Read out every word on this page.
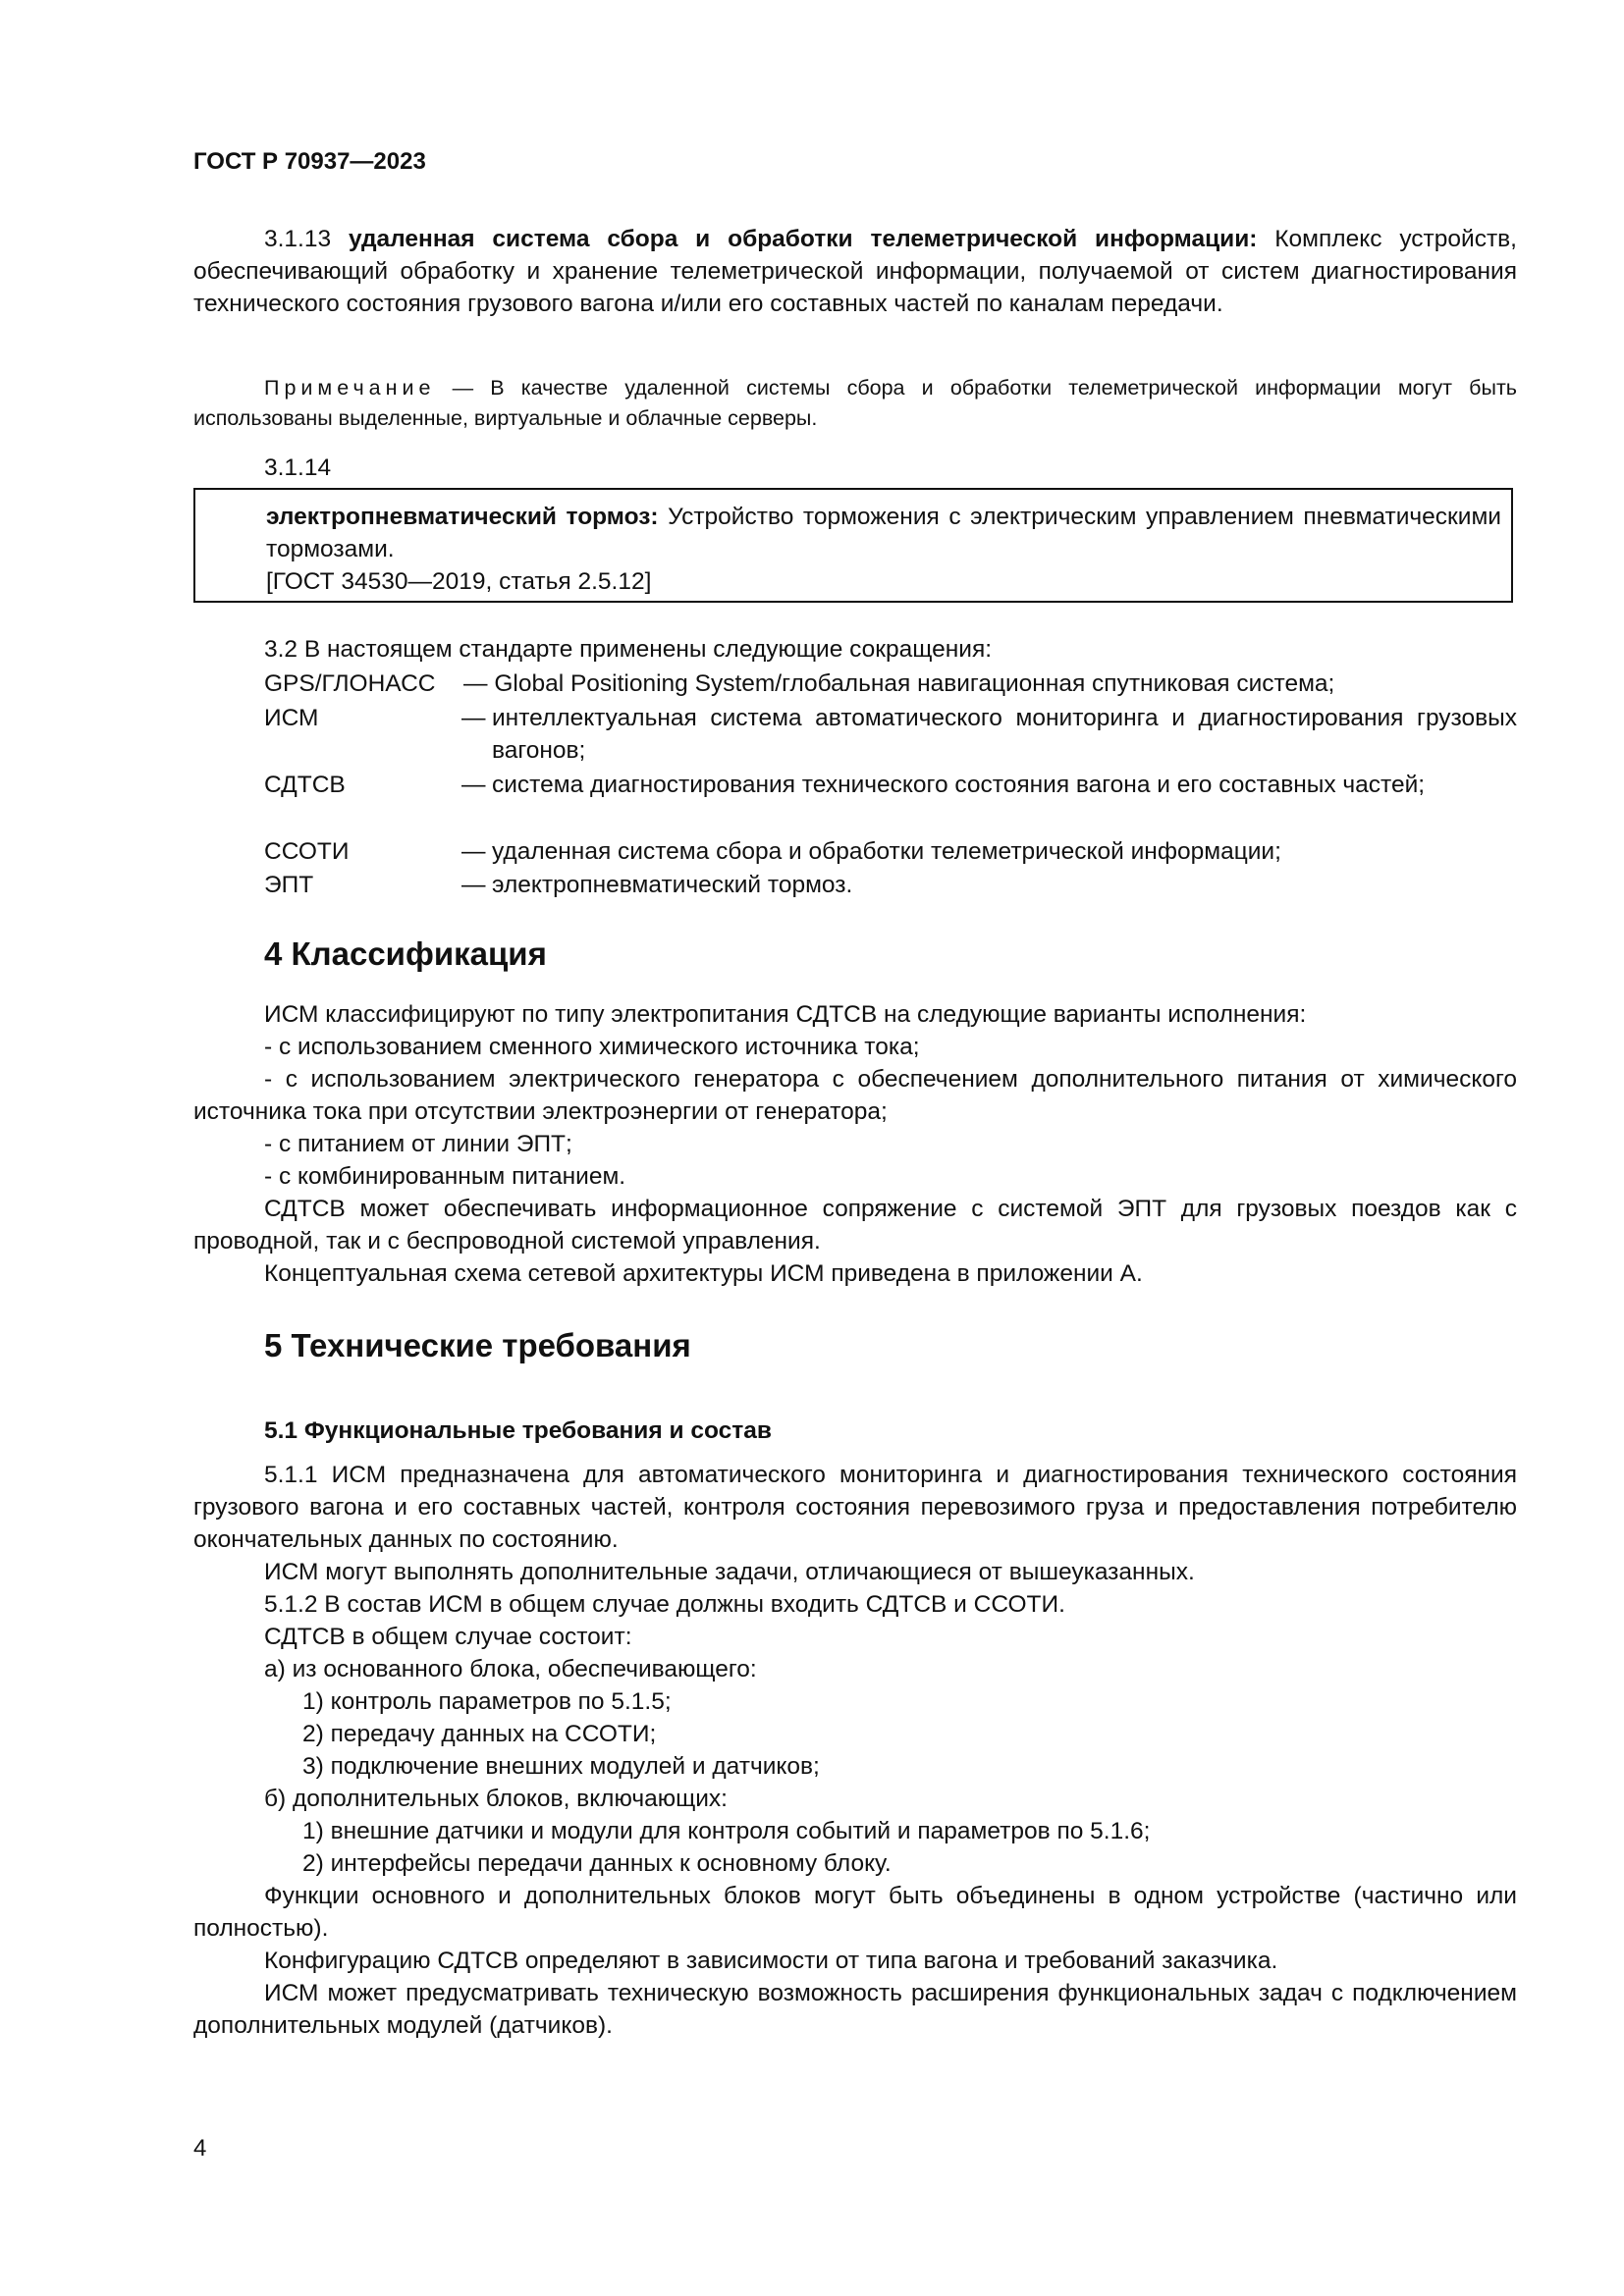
ГОСТ Р 70937—2023

3.1.13 удаленная система сбора и обработки телеметрической информации: Комплекс устройств, обеспечивающий обработку и хранение телеметрической информации, получаемой от систем диагностирования технического состояния грузового вагона и/или его составных частей по каналам передачи.

Примечание — В качестве удаленной системы сбора и обработки телеметрической информации могут быть использованы выделенные, виртуальные и облачные серверы.

3.1.14

электропневматический тормоз: Устройство торможения с электрическим управлением пневматическими тормозами.

[ГОСТ 34530—2019, статья 2.5.12]

3.2 В настоящем стандарте применены следующие сокращения:

GPS/ГЛОНАСС — Global Positioning System/глобальная навигационная спутниковая система;
ИСМ	— интеллектуальная система автоматического мониторинга и диагностирования грузовых вагонов;
СДТСВ	— система диагностирования технического состояния вагона и его составных частей;
ССОТИ	— удаленная система сбора и обработки телеметрической информации;
ЭПТ	— электропневматический тормоз.
4 Классификация

ИСМ классифицируют по типу электропитания СДТСВ на следующие варианты исполнения:

- с использованием сменного химического источника тока;

- с использованием электрического генератора с обеспечением дополнительного питания от химического источника тока при отсутствии электроэнергии от генератора;

- с питанием от линии ЭПТ;

- с комбинированным питанием.

СДТСВ может обеспечивать информационное сопряжение с системой ЭПТ для грузовых поездов как с проводной, так и с беспроводной системой управления.

Концептуальная схема сетевой архитектуры ИСМ приведена в приложении А.

5 Технические требования
5.1 Функциональные требования и состав

5.1.1 ИСМ предназначена для автоматического мониторинга и диагностирования технического состояния грузового вагона и его составных частей, контроля состояния перевозимого груза и предоставления потребителю окончательных данных по состоянию.

ИСМ могут выполнять дополнительные задачи, отличающиеся от вышеуказанных.

5.1.2 В состав ИСМ в общем случае должны входить СДТСВ и ССОТИ.

СДТСВ в общем случае состоит:

а) из основанного блока, обеспечивающего:

1) контроль параметров по 5.1.5;

2) передачу данных на ССОТИ;

3) подключение внешних модулей и датчиков;

б) дополнительных блоков, включающих:

1) внешние датчики и модули для контроля событий и параметров по 5.1.6;

2) интерфейсы передачи данных к основному блоку.

Функции основного и дополнительных блоков могут быть объединены в одном устройстве (частично или полностью).

Конфигурацию СДТСВ определяют в зависимости от типа вагона и требований заказчика.

ИСМ может предусматривать техническую возможность расширения функциональных задач с подключением дополнительных модулей (датчиков).

4
